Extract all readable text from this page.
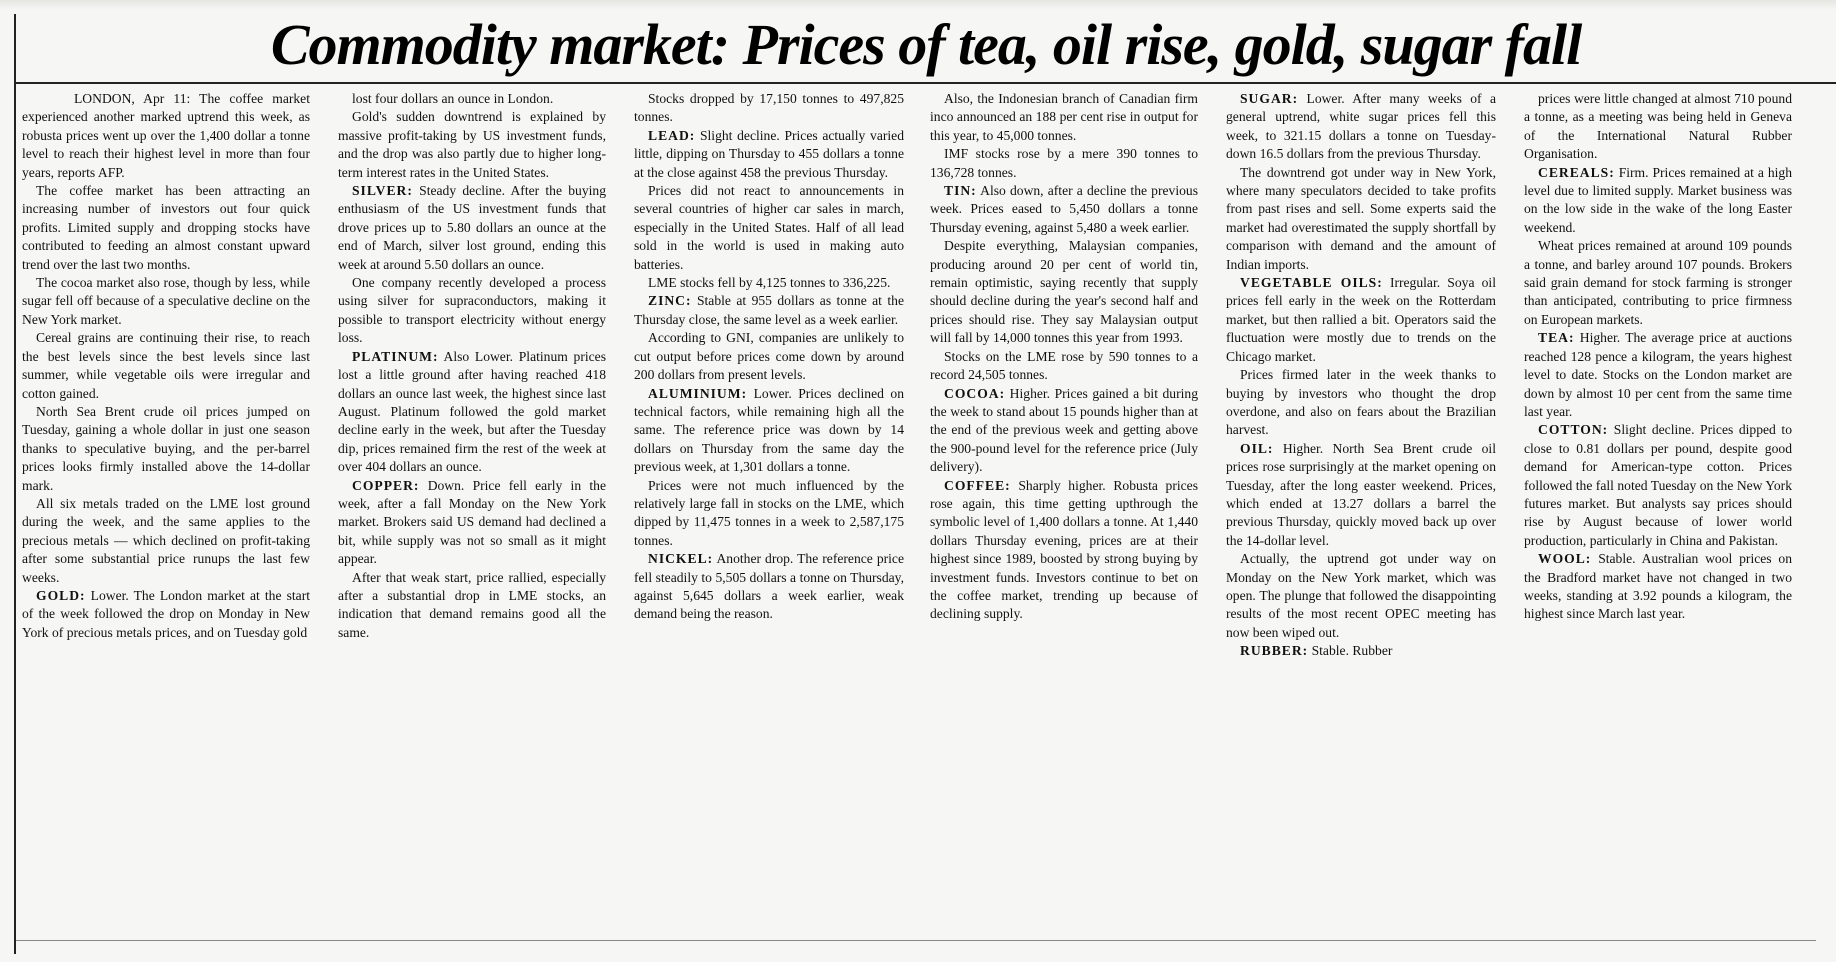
Commodity market: Prices of tea, oil rise, gold, sugar fall

LONDON, Apr 11: The coffee market experienced another marked uptrend this week, as robusta prices went up over the 1,400 dollar a tonne level to reach their highest level in more than four years, reports AFP.

The coffee market has been attracting an increasing number of investors out four quick profits. Limited supply and dropping stocks have contributed to feeding an almost constant upward trend over the last two months.

The cocoa market also rose, though by less, while sugar fell off because of a speculative decline on the New York market.

Cereal grains are continuing their rise, to reach the best levels since the best levels since last summer, while vegetable oils were irregular and cotton gained.

North Sea Brent crude oil prices jumped on Tuesday, gaining a whole dollar in just one season thanks to speculative buying, and the per-barrel prices looks firmly installed above the 14-dollar mark.

All six metals traded on the LME lost ground during the week, and the same applies to the precious metals — which declined on profit-taking after some substantial price runups the last few weeks.

GOLD: Lower. The London market at the start of the week followed the drop on Monday in New York of precious metals prices, and on Tuesday gold

lost four dollars an ounce in London.

Gold's sudden downtrend is explained by massive profit-taking by US investment funds, and the drop was also partly due to higher long-term interest rates in the United States.

SILVER: Steady decline. After the buying enthusiasm of the US investment funds that drove prices up to 5.80 dollars an ounce at the end of March, silver lost ground, ending this week at around 5.50 dollars an ounce.

One company recently developed a process using silver for supraconductors, making it possible to transport electricity without energy loss.

PLATINUM: Also Lower. Platinum prices lost a little ground after having reached 418 dollars an ounce last week, the highest since last August. Platinum followed the gold market decline early in the week, but after the Tuesday dip, prices remained firm the rest of the week at over 404 dollars an ounce.

COPPER: Down. Price fell early in the week, after a fall Monday on the New York market. Brokers said US demand had declined a bit, while supply was not so small as it might appear.

After that weak start, price rallied, especially after a substantial drop in LME stocks, an indication that demand remains good all the same.

Stocks dropped by 17,150 tonnes to 497,825 tonnes.

LEAD: Slight decline. Prices actually varied little, dipping on Thursday to 455 dollars a tonne at the close against 458 the previous Thursday.

Prices did not react to announcements in several countries of higher car sales in march, especially in the United States. Half of all lead sold in the world is used in making auto batteries.

LME stocks fell by 4,125 tonnes to 336,225.

ZINC: Stable at 955 dollars as tonne at the Thursday close, the same level as a week earlier.

According to GNI, companies are unlikely to cut output before prices come down by around 200 dollars from present levels.

ALUMINIUM: Lower. Prices declined on technical factors, while remaining high all the same. The reference price was down by 14 dollars on Thursday from the same day the previous week, at 1,301 dollars a tonne.

Prices were not much influenced by the relatively large fall in stocks on the LME, which dipped by 11,475 tonnes in a week to 2,587,175 tonnes.

NICKEL: Another drop. The reference price fell steadily to 5,505 dollars a tonne on Thursday, against 5,645 dollars a week earlier, weak demand being the reason.

Also, the Indonesian branch of Canadian firm inco announced an 188 per cent rise in output for this year, to 45,000 tonnes.

IMF stocks rose by a mere 390 tonnes to 136,728 tonnes.

TIN: Also down, after a decline the previous week. Prices eased to 5,450 dollars a tonne Thursday evening, against 5,480 a week earlier.

Despite everything, Malaysian companies, producing around 20 per cent of world tin, remain optimistic, saying recently that supply should decline during the year's second half and prices should rise. They say Malaysian output will fall by 14,000 tonnes this year from 1993.

Stocks on the LME rose by 590 tonnes to a record 24,505 tonnes.

COCOA: Higher. Prices gained a bit during the week to stand about 15 pounds higher than at the end of the previous week and getting above the 900-pound level for the reference price (July delivery).

COFFEE: Sharply higher. Robusta prices rose again, this time getting upthrough the symbolic level of 1,400 dollars a tonne. At 1,440 dollars Thursday evening, prices are at their highest since 1989, boosted by strong buying by investment funds. Investors continue to bet on the coffee market, trending up because of declining supply.

SUGAR: Lower. After many weeks of a general uptrend, white sugar prices fell this week, to 321.15 dollars a tonne on Tuesday-down 16.5 dollars from the previous Thursday.

The downtrend got under way in New York, where many speculators decided to take profits from past rises and sell. Some experts said the market had overestimated the supply shortfall by comparison with demand and the amount of Indian imports.

VEGETABLE OILS: Irregular. Soya oil prices fell early in the week on the Rotterdam market, but then rallied a bit. Operators said the fluctuation were mostly due to trends on the Chicago market.

Prices firmed later in the week thanks to buying by investors who thought the drop overdone, and also on fears about the Brazilian harvest.

OIL: Higher. North Sea Brent crude oil prices rose surprisingly at the market opening on Tuesday, after the long easter weekend. Prices, which ended at 13.27 dollars a barrel the previous Thursday, quickly moved back up over the 14-dollar level.

Actually, the uptrend got under way on Monday on the New York market, which was open. The plunge that followed the disappointing results of the most recent OPEC meeting has now been wiped out.

RUBBER: Stable. Rubber

prices were little changed at almost 710 pound a tonne, as a meeting was being held in Geneva of the International Natural Rubber Organisation.

CEREALS: Firm. Prices remained at a high level due to limited supply. Market business was on the low side in the wake of the long Easter weekend.

Wheat prices remained at around 109 pounds a tonne, and barley around 107 pounds. Brokers said grain demand for stock farming is stronger than anticipated, contributing to price firmness on European markets.

TEA: Higher. The average price at auctions reached 128 pence a kilogram, the years highest level to date. Stocks on the London market are down by almost 10 per cent from the same time last year.

COTTON: Slight decline. Prices dipped to close to 0.81 dollars per pound, despite good demand for American-type cotton. Prices followed the fall noted Tuesday on the New York futures market. But analysts say prices should rise by August because of lower world production, particularly in China and Pakistan.

WOOL: Stable. Australian wool prices on the Bradford market have not changed in two weeks, standing at 3.92 pounds a kilogram, the highest since March last year.
